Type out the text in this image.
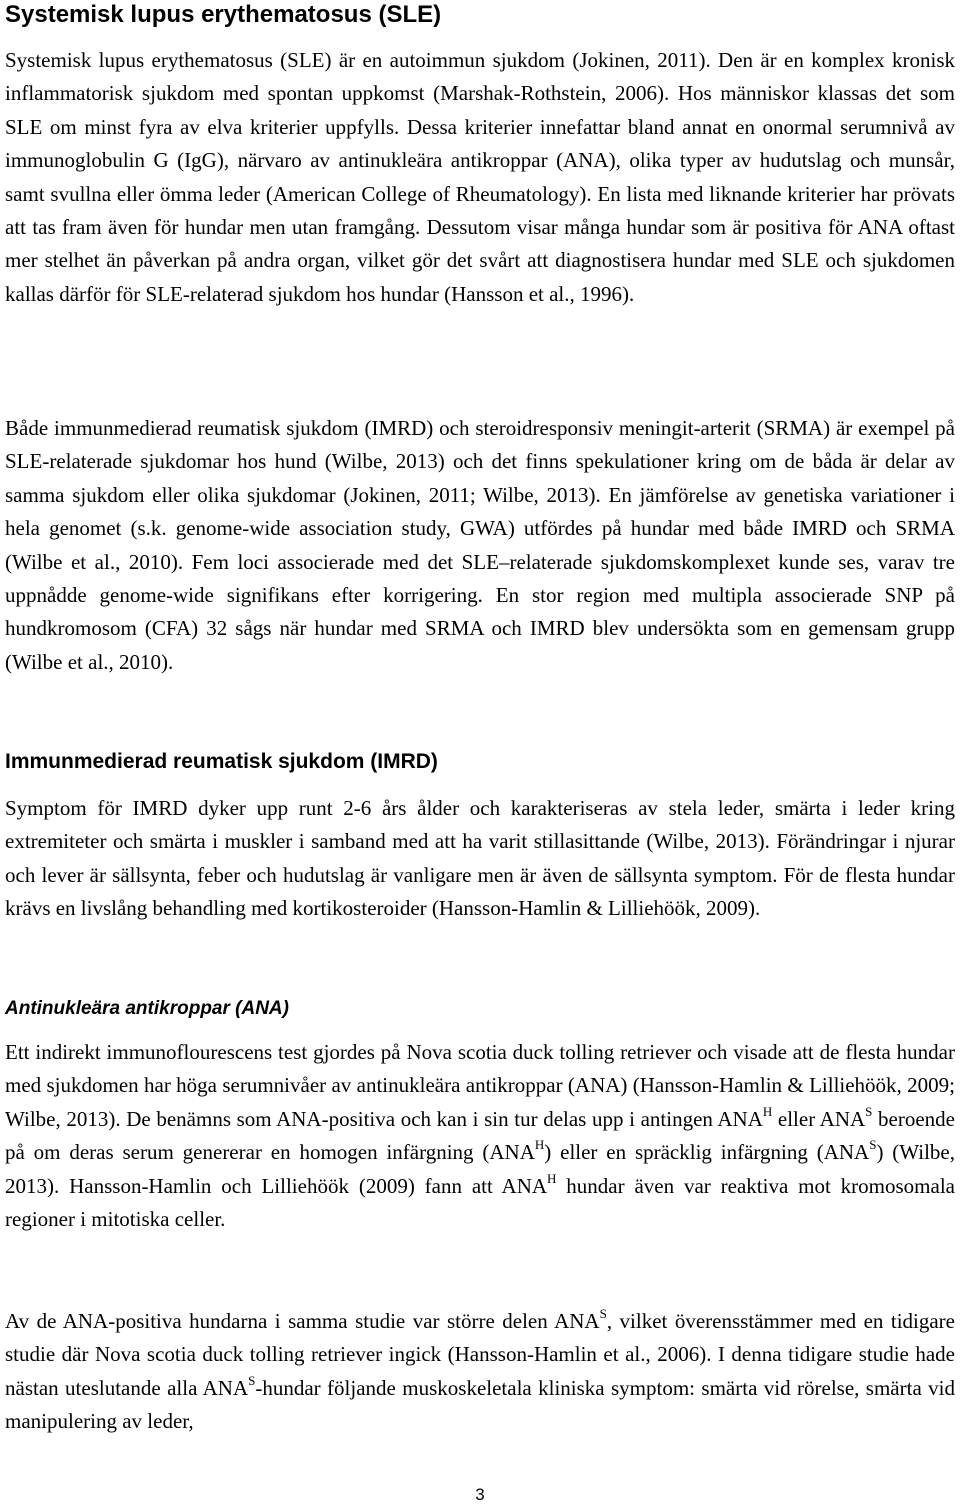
Systemisk lupus erythematosus (SLE)

Systemisk lupus erythematosus (SLE) är en autoimmun sjukdom (Jokinen, 2011). Den är en komplex kronisk inflammatorisk sjukdom med spontan uppkomst (Marshak-Rothstein, 2006). Hos människor klassas det som SLE om minst fyra av elva kriterier uppfylls. Dessa kriterier innefattar bland annat en onormal serumnivå av immunoglobulin G (IgG), närvaro av antinukleära antikroppar (ANA), olika typer av hudutslag och munsår, samt svullna eller ömma leder (American College of Rheumatology). En lista med liknande kriterier har prövats att tas fram även för hundar men utan framgång. Dessutom visar många hundar som är positiva för ANA oftast mer stelhet än påverkan på andra organ, vilket gör det svårt att diagnostisera hundar med SLE och sjukdomen kallas därför för SLE-relaterad sjukdom hos hundar (Hansson et al., 1996).

Både immunmedierad reumatisk sjukdom (IMRD) och steroidresponsiv meningit-arterit (SRMA) är exempel på SLE-relaterade sjukdomar hos hund (Wilbe, 2013) och det finns spekulationer kring om de båda är delar av samma sjukdom eller olika sjukdomar (Jokinen, 2011; Wilbe, 2013). En jämförelse av genetiska variationer i hela genomet (s.k. genome-wide association study, GWA) utfördes på hundar med både IMRD och SRMA (Wilbe et al., 2010). Fem loci associerade med det SLE–relaterade sjukdomskomplexet kunde ses, varav tre uppnådde genome-wide signifikans efter korrigering. En stor region med multipla associerade SNP på hundkromosom (CFA) 32 sågs när hundar med SRMA och IMRD blev undersökta som en gemensam grupp (Wilbe et al., 2010).

Immunmedierad reumatisk sjukdom (IMRD)

Symptom för IMRD dyker upp runt 2-6 års ålder och karakteriseras av stela leder, smärta i leder kring extremiteter och smärta i muskler i samband med att ha varit stillasittande (Wilbe, 2013). Förändringar i njurar och lever är sällsynta, feber och hudutslag är vanligare men är även de sällsynta symptom. För de flesta hundar krävs en livslång behandling med kortikosteroider (Hansson-Hamlin & Lilliehöök, 2009).

Antinukleära antikroppar (ANA)

Ett indirekt immunoflourescens test gjordes på Nova scotia duck tolling retriever och visade att de flesta hundar med sjukdomen har höga serumnivåer av antinukleära antikroppar (ANA) (Hansson-Hamlin & Lilliehöök, 2009; Wilbe, 2013). De benämns som ANA-positiva och kan i sin tur delas upp i antingen $ANA^H$ eller $ANA^S$ beroende på om deras serum genererar en homogen infärgning $(ANA^H)$ eller en spräcklig infärgning $(ANA^S)$ (Wilbe, 2013). Hansson-Hamlin och Lilliehöök (2009) fann att $ANA^H$ hundar även var reaktiva mot kromosomala regioner i mitotiska celler.

Av de ANA-positiva hundarna i samma studie var större delen $ANA^S$, vilket överensstämmer med en tidigare studie där Nova scotia duck tolling retriever ingick (Hansson-Hamlin et al., 2006). I denna tidigare studie hade nästan uteslutande alla $ANA^S$-hundar följande muskoskeletala kliniska symptom: smärta vid rörelse, smärta vid manipulering av leder,

3
